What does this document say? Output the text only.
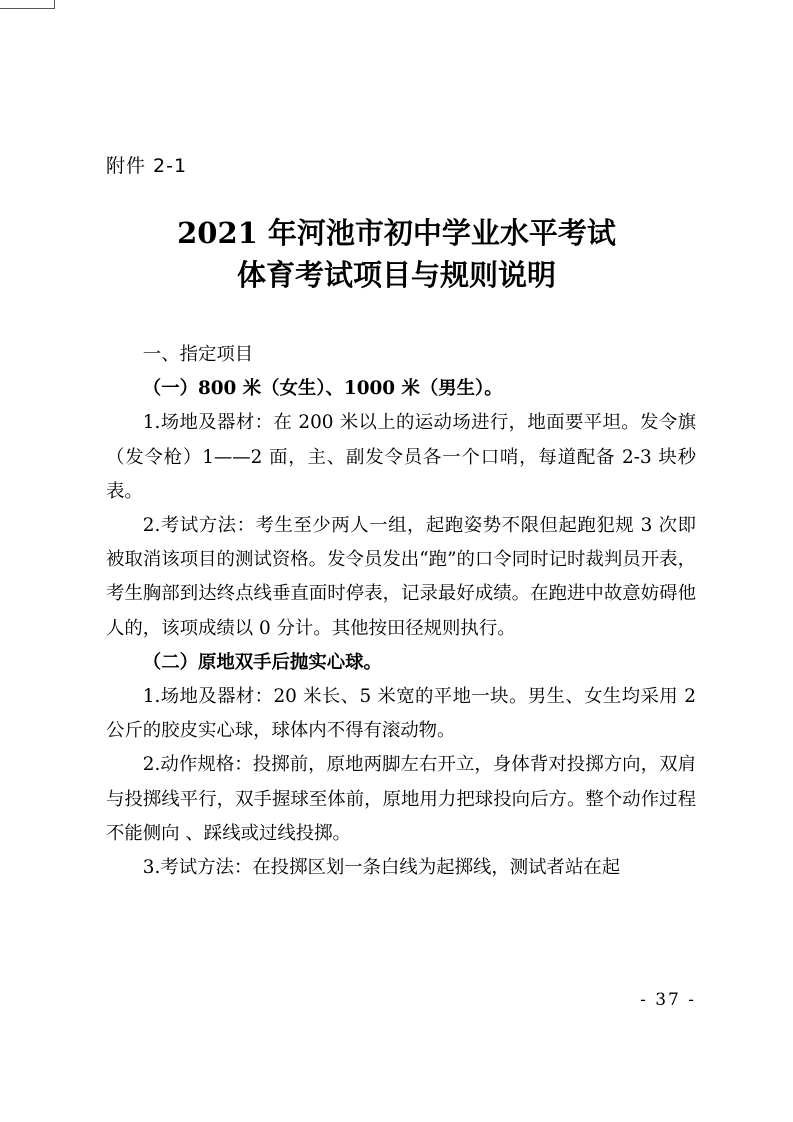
附件 2-1
2021 年河池市初中学业水平考试
体育考试项目与规则说明

一、指定项目

（一）800 米（女生）、1000 米（男生）。

1.场地及器材：在 200 米以上的运动场进行，地面要平坦。发令旗（发令枪）1——2 面，主、副发令员各一个口哨，每道配备 2-3 块秒表。

2.考试方法：考生至少两人一组，起跑姿势不限但起跑犯规 3 次即被取消该项目的测试资格。发令员发出“跑”的口令同时记时裁判员开表，考生胸部到达终点线垂直面时停表，记录最好成绩。在跑进中故意妨碍他人的，该项成绩以 0 分计。其他按田径规则执行。

（二）原地双手后抛实心球。

1.场地及器材：20 米长、5 米宽的平地一块。男生、女生均采用 2 公斤的胶皮实心球，球体内不得有滚动物。

2.动作规格：投掷前，原地两脚左右开立，身体背对投掷方向，双肩与投掷线平行，双手握球至体前，原地用力把球投向后方。整个动作过程不能侧向 、踩线或过线投掷。

3.考试方法：在投掷区划一条白线为起掷线，测试者站在起

- 37 -
